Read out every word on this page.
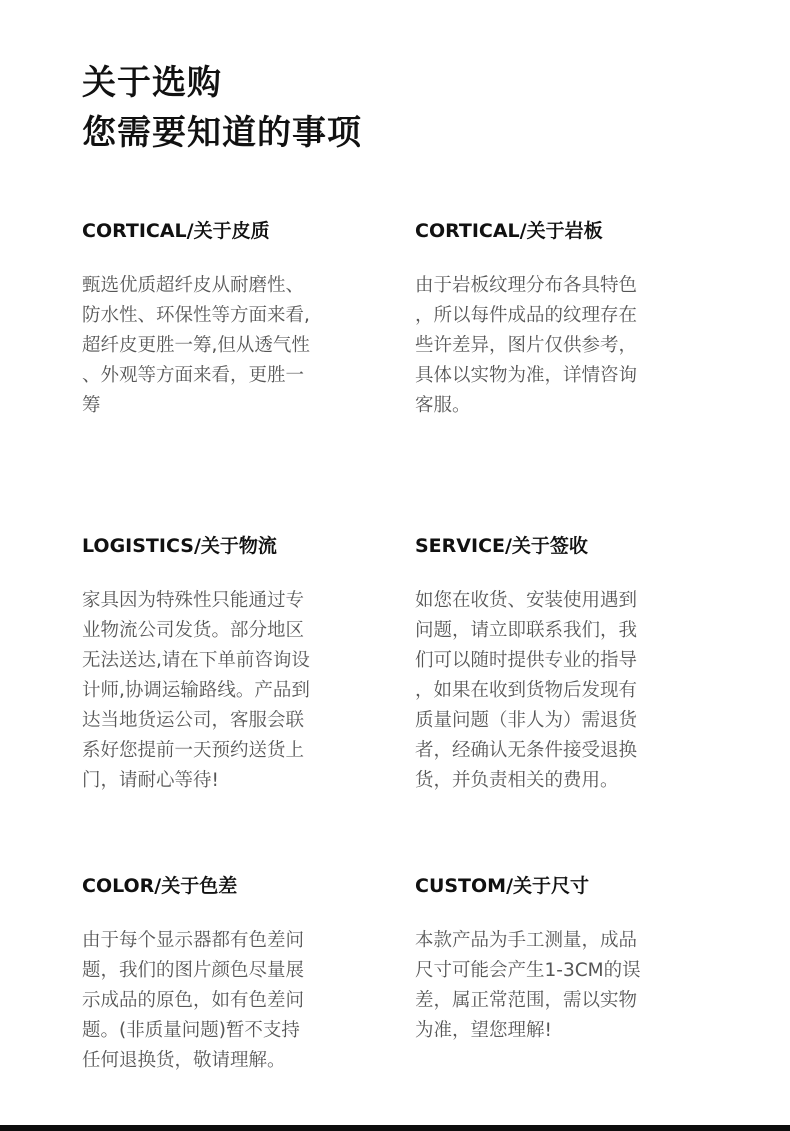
关于选购
您需要知道的事项
CORTICAL/关于皮质

甄选优质超纤皮从耐磨性、
防水性、环保性等方面来看,
超纤皮更胜一筹,但从透气性
、外观等方面来看，更胜一
筹

CORTICAL/关于岩板

由于岩板纹理分布各具特色
，所以每件成品的纹理存在
些许差异，图片仅供参考，
具体以实物为准，详情咨询
客服。

LOGISTICS/关于物流

家具因为特殊性只能通过专
业物流公司发货。部分地区
无法送达,请在下单前咨询设
计师,协调运输路线。产品到
达当地货运公司，客服会联
系好您提前一天预约送货上
门，请耐心等待!

SERVICE/关于签收

如您在收货、安装使用遇到
问题，请立即联系我们，我
们可以随时提供专业的指导
，如果在收到货物后发现有
质量问题（非人为）需退货
者，经确认无条件接受退换
货，并负责相关的费用。

COLOR/关于色差

由于每个显示器都有色差问
题，我们的图片颜色尽量展
示成品的原色，如有色差问
题。(非质量问题)暂不支持
任何退换货，敬请理解。

CUSTOM/关于尺寸

本款产品为手工测量，成品
尺寸可能会产生1-3CM的误
差，属正常范围，需以实物
为准，望您理解!
